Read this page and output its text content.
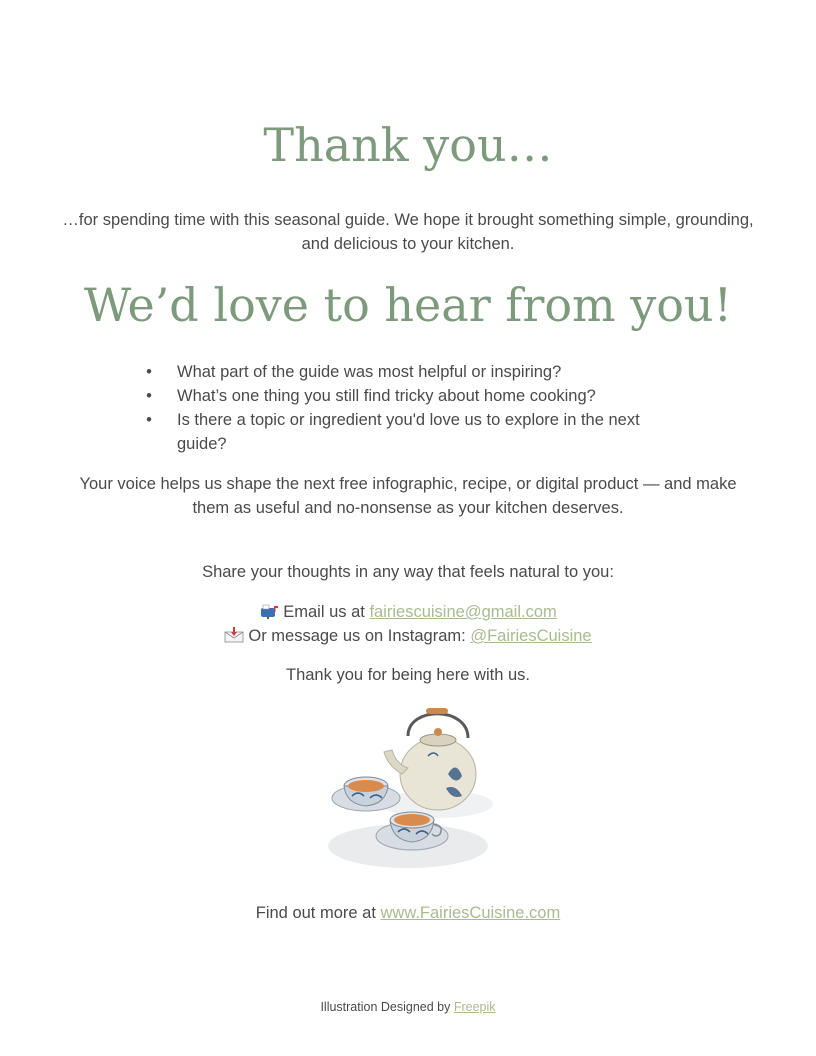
Thank you…

…for spending time with this seasonal guide. We hope it brought something simple, grounding, and delicious to your kitchen.

We’d love to hear from you!
• What part of the guide was most helpful or inspiring?
• What’s one thing you still find tricky about home cooking?
• Is there a topic or ingredient you'd love us to explore in the next guide?

Your voice helps us shape the next free infographic, recipe, or digital product — and make them as useful and no-nonsense as your kitchen deserves.

Share your thoughts in any way that feels natural to you:

Email us at fairiescuisine@gmail.com
Or message us on Instagram: @FairiesCuisine

Thank you for being here with us.

Find out more at www.FairiesCuisine.com

Illustration Designed by Freepik
